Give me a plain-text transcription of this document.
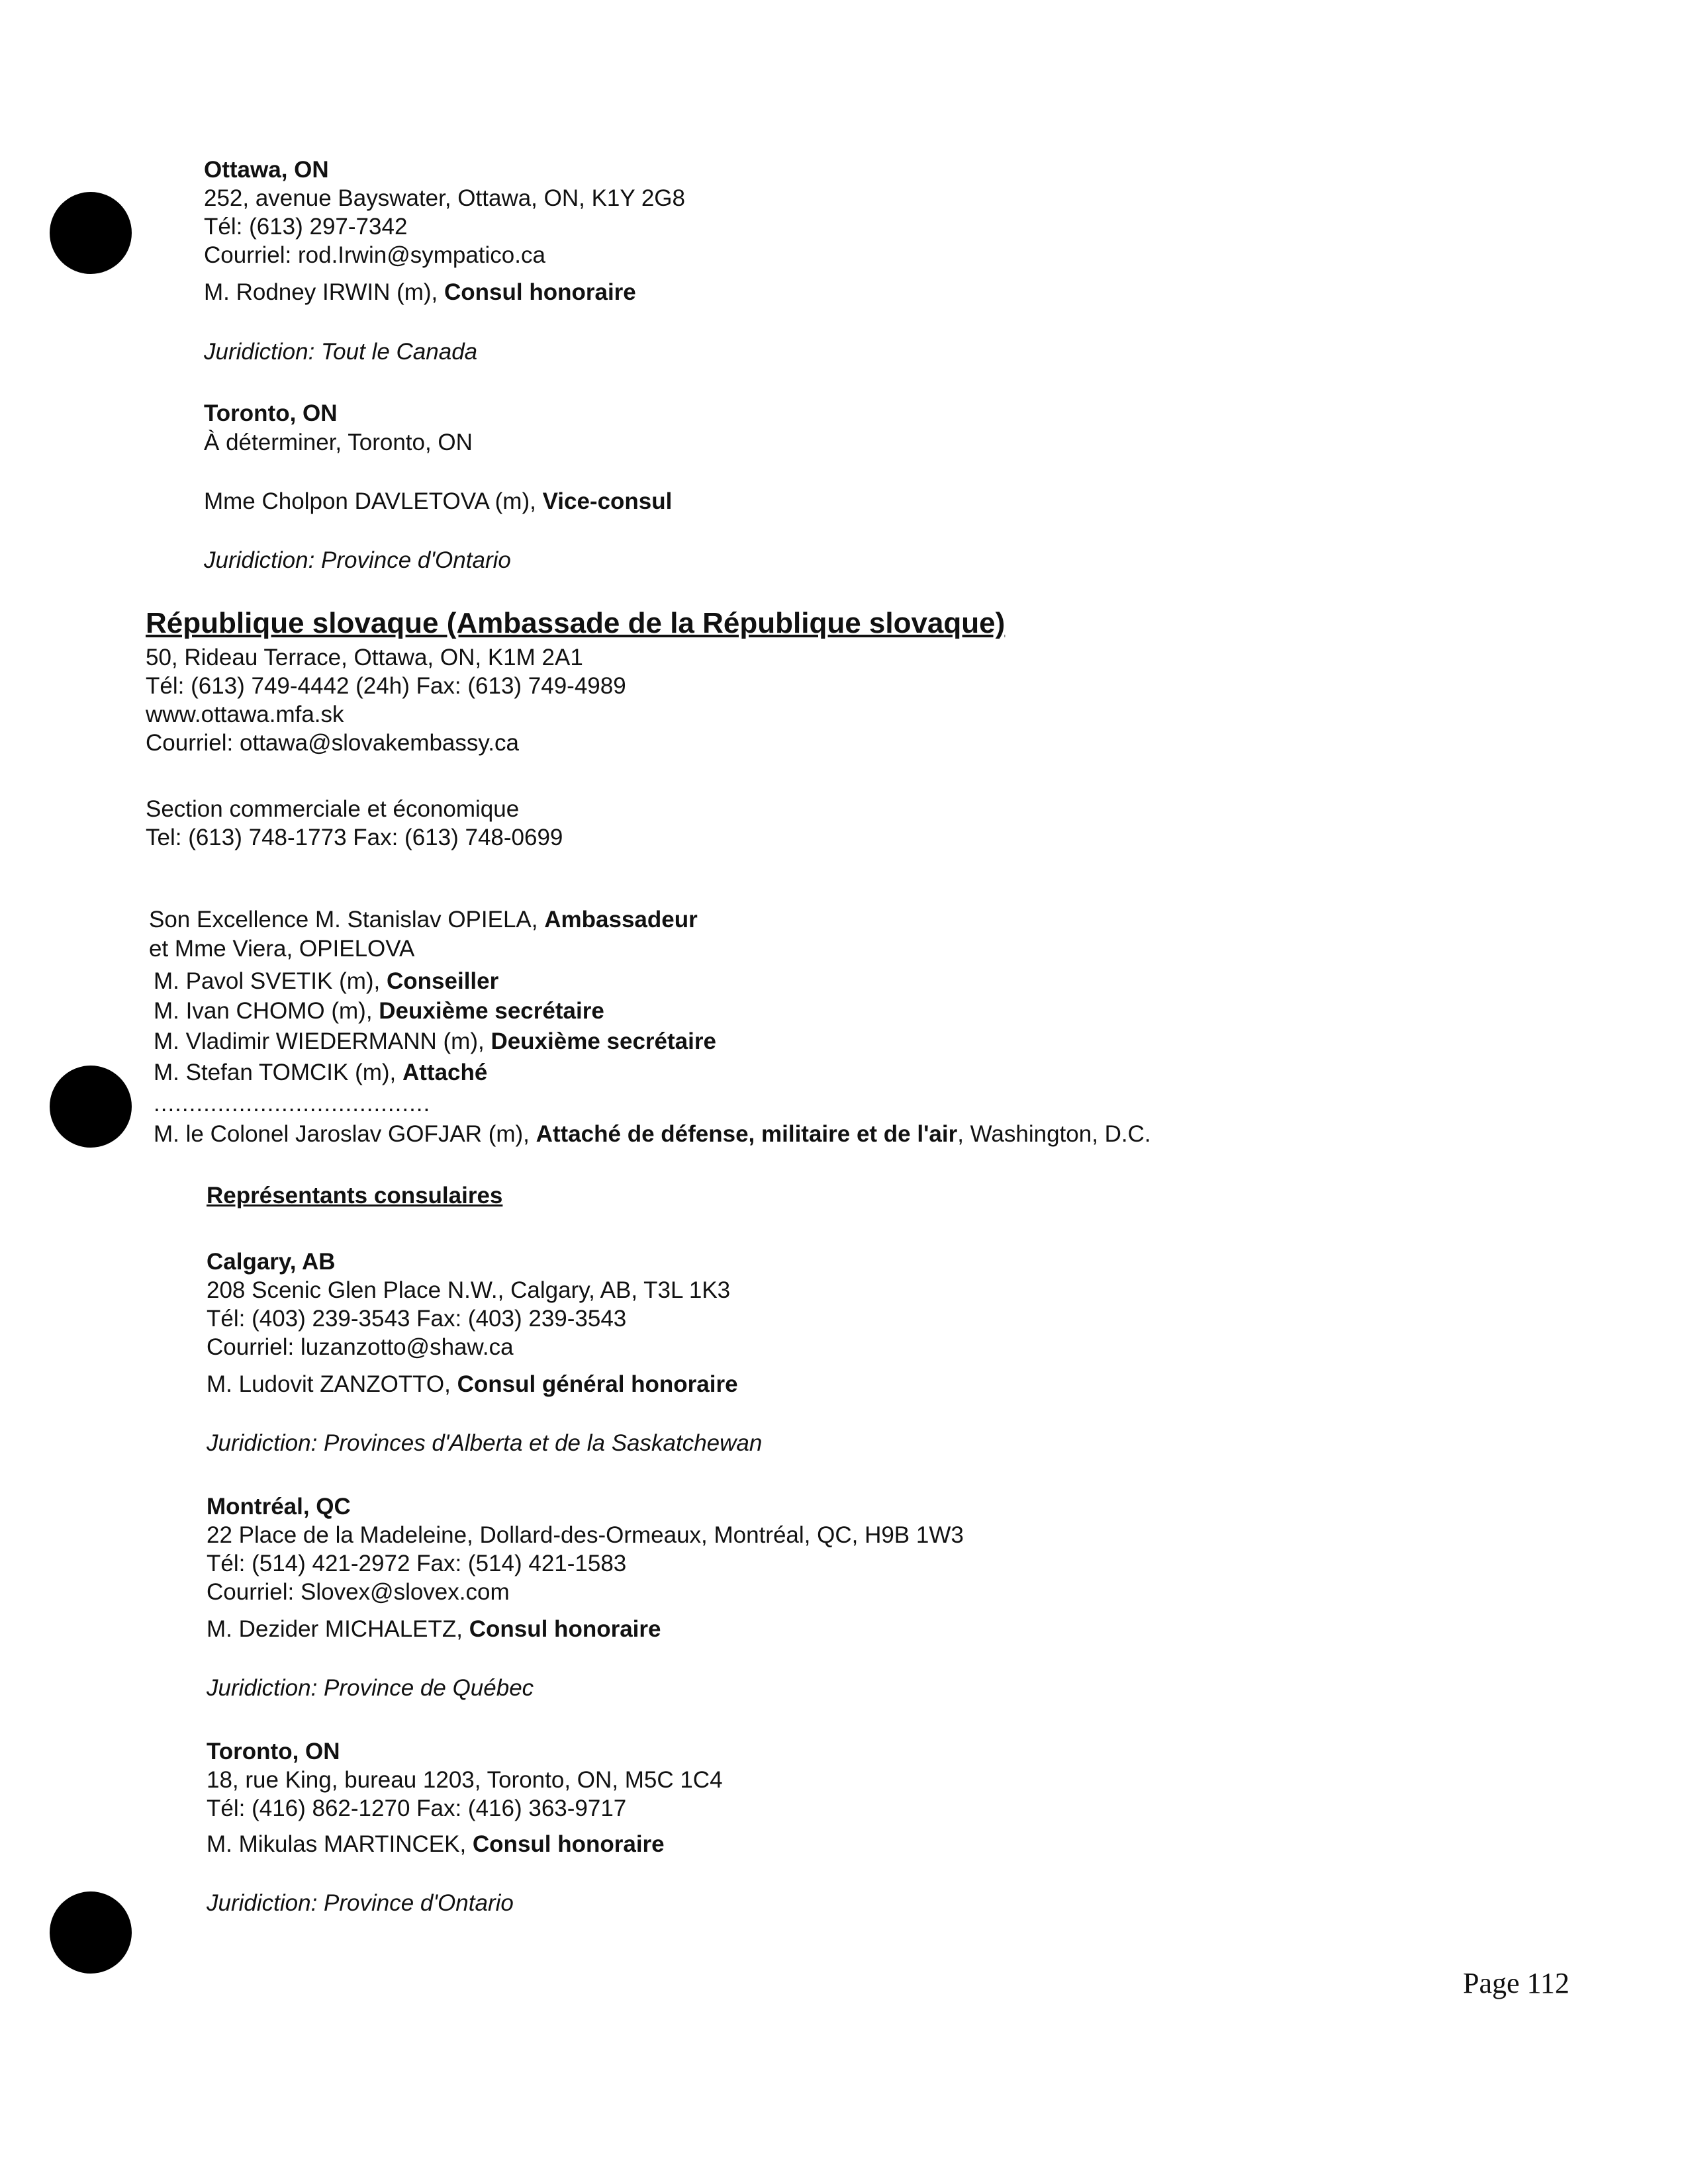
Ottawa, ON
252, avenue Bayswater, Ottawa, ON, K1Y 2G8
Tél: (613) 297-7342
Courriel: rod.Irwin@sympatico.ca
M. Rodney IRWIN (m), Consul honoraire
Juridiction: Tout le Canada
Toronto, ON
À déterminer, Toronto, ON
Mme Cholpon DAVLETOVA (m), Vice-consul
Juridiction: Province d'Ontario
République slovaque (Ambassade de la République slovaque)
50, Rideau Terrace, Ottawa, ON, K1M 2A1
Tél: (613) 749-4442 (24h) Fax: (613) 749-4989
www.ottawa.mfa.sk
Courriel: ottawa@slovakembassy.ca
Section commerciale et économique
Tel: (613) 748-1773 Fax: (613) 748-0699
Son Excellence M. Stanislav OPIELA, Ambassadeur
et Mme Viera, OPIELOVA
M. Pavol SVETIK (m), Conseiller
M. Ivan CHOMO (m), Deuxième secrétaire
M. Vladimir WIEDERMANN (m), Deuxième secrétaire
M. Stefan TOMCIK (m), Attaché
.......................................
M. le Colonel Jaroslav GOFJAR (m), Attaché de défense, militaire et de l'air, Washington, D.C.
Représentants consulaires
Calgary, AB
208 Scenic Glen Place N.W., Calgary, AB, T3L 1K3
Tél: (403) 239-3543 Fax: (403) 239-3543
Courriel: luzanzotto@shaw.ca
M. Ludovit ZANZOTTO, Consul général honoraire
Juridiction: Provinces d'Alberta et de la Saskatchewan
Montréal, QC
22 Place de la Madeleine, Dollard-des-Ormeaux, Montréal, QC, H9B 1W3
Tél: (514) 421-2972 Fax: (514) 421-1583
Courriel: Slovex@slovex.com
M. Dezider MICHALETZ, Consul honoraire
Juridiction: Province de Québec
Toronto, ON
18, rue King, bureau 1203, Toronto, ON, M5C 1C4
Tél: (416) 862-1270 Fax: (416) 363-9717
M. Mikulas MARTINCEK, Consul honoraire
Juridiction: Province d'Ontario
Page 112
